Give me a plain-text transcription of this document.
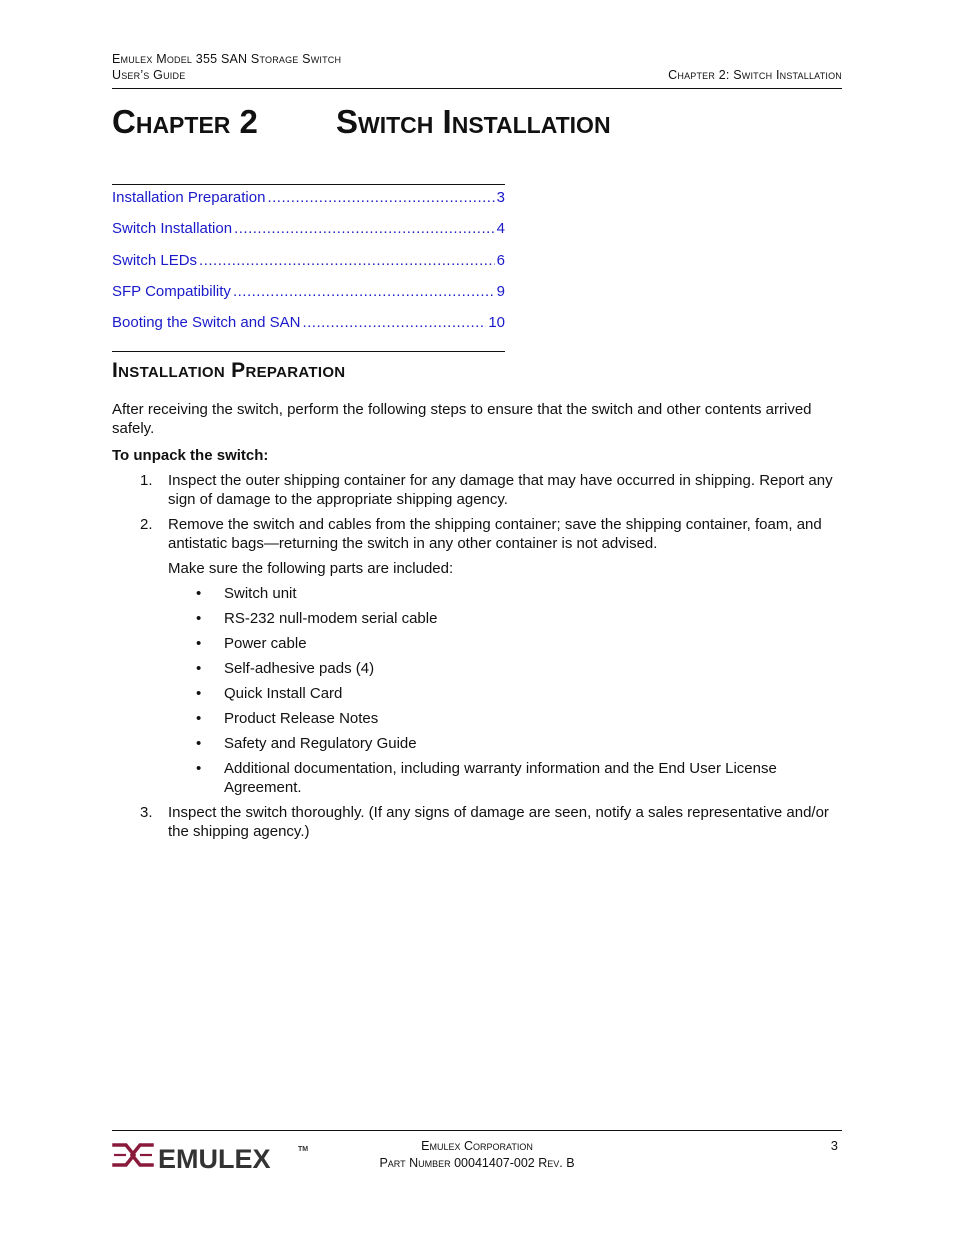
Emulex Model 355 SAN Storage Switch
User’s Guide	Chapter 2: Switch Installation
Chapter 2 Switch Installation
Installation Preparation .....	3
Switch Installation .....	4
Switch LEDs .....	6
SFP Compatibility .....	9
Booting the Switch and SAN .....	10
Installation Preparation
After receiving the switch, perform the following steps to ensure that the switch and other contents arrived safely.
To unpack the switch:
1. Inspect the outer shipping container for any damage that may have occurred in shipping. Report any sign of damage to the appropriate shipping agency.
2. Remove the switch and cables from the shipping container; save the shipping container, foam, and antistatic bags—returning the switch in any other container is not advised.
Make sure the following parts are included:
• Switch unit
• RS-232 null-modem serial cable
• Power cable
• Self-adhesive pads (4)
• Quick Install Card
• Product Release Notes
• Safety and Regulatory Guide
• Additional documentation, including warranty information and the End User License Agreement.
3. Inspect the switch thoroughly. (If any signs of damage are seen, notify a sales representative and/or the shipping agency.)
EMULEX	TM	Emulex Corporation
Part Number 00041407-002 Rev. B
3
